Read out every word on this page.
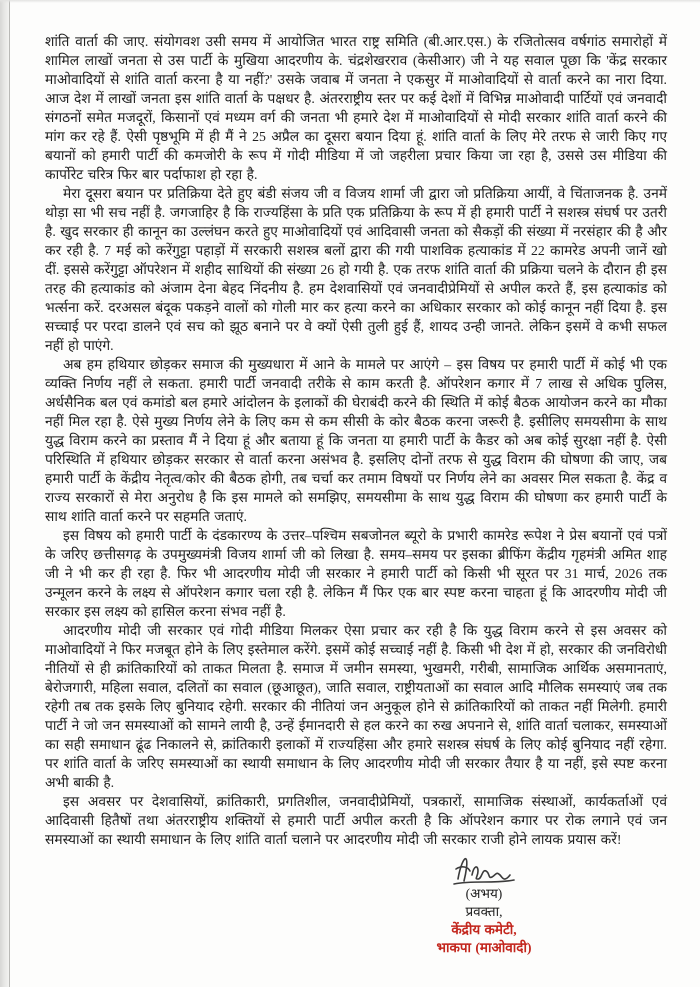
शांति वार्ता की जाए. संयोगवश उसी समय में आयोजित भारत राष्ट्र समिति (बी.आर.एस.) के रजितोत्सव वर्षगांठ समारोहों में शामिल लाखों जनता से उस पार्टी के मुखिया आदरणीय के. चंद्रशेखरराव (केसीआर) जी ने यह सवाल पूछा कि 'केंद्र सरकार माओवादियों से शांति वार्ता करना है या नहीं?' उसके जवाब में जनता ने एकसुर में माओवादियों से वार्ता करने का नारा दिया. आज देश में लाखों जनता इस शांति वार्ता के पक्षधर है. अंतरराष्ट्रीय स्तर पर कई देशों में विभिन्न माओवादी पार्टियों एवं जनवादी संगठनों समेत मजदूरों, किसानों एवं मध्यम वर्ग की जनता भी हमारे देश में माओवादियों से मोदी सरकार शांति वार्ता करने की मांग कर रहे हैं. ऐसी पृष्ठभूमि में ही मैं ने 25 अप्रैल का दूसरा बयान दिया हूं. शांति वार्ता के लिए मेरे तरफ से जारी किए गए बयानों को हमारी पार्टी की कमजोरी के रूप में गोदी मीडिया में जो जहरीला प्रचार किया जा रहा है, उससे उस मीडिया की कार्पोरेट चरित्र फिर बार पर्दाफाश हो रहा है.

मेरा दूसरा बयान पर प्रतिक्रिया देते हुए बंडी संजय जी व विजय शार्मा जी द्वारा जो प्रतिक्रिया आयीं, वे चिंताजनक है. उनमें थोड़ा सा भी सच नहीं है. जगजाहिर है कि राज्यहिंसा के प्रति एक प्रतिक्रिया के रूप में ही हमारी पार्टी ने सशस्त्र संघर्ष पर उतरी है. खुद सरकार ही कानून का उल्लंघन करते हुए माओवादियों एवं आदिवासी जनता को सैकड़ों की संख्या में नरसंहार की है और कर रही है. 7 मई को करेंगुट्टा पहाड़ों में सरकारी सशस्त्र बलों द्वारा की गयी पाशविक हत्याकांड में 22 कामरेड अपनी जानें खो दीं. इससे करेंगुट्टा ऑपरेशन में शहीद साथियों की संख्या 26 हो गयी है. एक तरफ शांति वार्ता की प्रक्रिया चलने के दौरान ही इस तरह की हत्याकांड को अंजाम देना बेहद निंदनीय है. हम देशवासियों एवं जनवादीप्रेमियों से अपील करते हैं, इस हत्याकांड को भर्त्सना करें. दरअसल बंदूक पकड़ने वालों को गोली मार कर हत्या करने का अधिकार सरकार को कोई कानून नहीं दिया है. इस सच्चाई पर परदा डालने एवं सच को झूठ बनाने पर वे क्यों ऐसी तुली हुई हैं, शायद उन्ही जानते. लेकिन इसमें वे कभी सफल नहीं हो पाएंगे.

अब हम हथियार छोड़कर समाज की मुख्यधारा में आने के मामले पर आएंगे – इस विषय पर हमारी पार्टी में कोई भी एक व्यक्ति निर्णय नहीं ले सकता. हमारी पार्टी जनवादी तरीके से काम करती है. ऑपरेशन कगार में 7 लाख से अधिक पुलिस, अर्धसैनिक बल एवं कमांडो बल हमारे आंदोलन के इलाकों की घेराबंदी करने की स्थिति में कोई बैठक आयोजन करने का मौका नहीं मिल रहा है. ऐसे मुख्य निर्णय लेने के लिए कम से कम सीसी के कोर बैठक करना जरूरी है. इसीलिए समयसीमा के साथ युद्ध विराम करने का प्रस्ताव मैं ने दिया हूं और बताया हूं कि जनता या हमारी पार्टी के कैडर को अब कोई सुरक्षा नहीं है. ऐसी परिस्थिति में हथियार छोड़कर सरकार से वार्ता करना असंभव है. इसलिए दोनों तरफ से युद्ध विराम की घोषणा की जाए, जब हमारी पार्टी के केंद्रीय नेतृत्व/कोर की बैठक होगी, तब चर्चा कर तमाम विषयों पर निर्णय लेने का अवसर मिल सकता है. केंद्र व राज्य सरकारों से मेरा अनुरोध है कि इस मामले को समझिए, समयसीमा के साथ युद्ध विराम की घोषणा कर हमारी पार्टी के साथ शांति वार्ता करने पर सहमति जताएं.

इस विषय को हमारी पार्टी के दंडकारण्य के उत्तर–पश्चिम सबजोनल ब्यूरो के प्रभारी कामरेड रूपेश ने प्रेस बयानों एवं पत्रों के जरिए छत्तीसगढ़ के उपमुख्यमंत्री विजय शार्मा जी को लिखा है. समय–समय पर इसका ब्रीफिंग केंद्रीय गृहमंत्री अमित शाह जी ने भी कर ही रहा है. फिर भी आदरणीय मोदी जी सरकार ने हमारी पार्टी को किसी भी सूरत पर 31 मार्च, 2026 तक उन्मूलन करने के लक्ष्य से ऑपरेशन कगार चला रही है. लेकिन मैं फिर एक बार स्पष्ट करना चाहता हूं कि आदरणीय मोदी जी सरकार इस लक्ष्य को हासिल करना संभव नहीं है.

आदरणीय मोदी जी सरकार एवं गोदी मीडिया मिलकर ऐसा प्रचार कर रही है कि युद्ध विराम करने से इस अवसर को माओवादियों ने फिर मजबूत होने के लिए इस्तेमाल करेंगे. इसमें कोई सच्चाई नहीं है. किसी भी देश में हो, सरकार की जनविरोधी नीतियों से ही क्रांतिकारियों को ताकत मिलता है. समाज में जमीन समस्या, भुखमरी, गरीबी, सामाजिक आर्थिक असमानताएं, बेरोजगारी, महिला सवाल, दलितों का सवाल (छूआछूत), जाति सवाल, राष्ट्रीयताओं का सवाल आदि मौलिक समस्याएं जब तक रहेगी तब तक इसके लिए बुनियाद रहेगी. सरकार की नीतियां जन अनुकूल होने से क्रांतिकारियों को ताकत नहीं मिलेगी. हमारी पार्टी ने जो जन समस्याओं को सामने लायी है, उन्हें ईमानदारी से हल करने का रुख अपनाने से, शांति वार्ता चलाकर, समस्याओं का सही समाधान ढूंढ निकालने से, क्रांतिकारी इलाकों में राज्यहिंसा और हमारे सशस्त्र संघर्ष के लिए कोई बुनियाद नहीं रहेगा. पर शांति वार्ता के जरिए समस्याओं का स्थायी समाधान के लिए आदरणीय मोदी जी सरकार तैयार है या नहीं, इसे स्पष्ट करना अभी बाकी है.

इस अवसर पर देशवासियों, क्रांतिकारी, प्रगतिशील, जनवादीप्रेमियों, पत्रकारों, सामाजिक संस्थाओं, कार्यकर्ताओं एवं आदिवासी हितैषों तथा अंतरराष्ट्रीय शक्तियों से हमारी पार्टी अपील करती है कि ऑपरेशन कगार पर रोक लगाने एवं जन समस्याओं का स्थायी समाधान के लिए शांति वार्ता चलाने पर आदरणीय मोदी जी सरकार राजी होने लायक प्रयास करें!

(अभय)
प्रवक्ता,
केंद्रीय कमेटी,
भाकपा (माओवादी)
